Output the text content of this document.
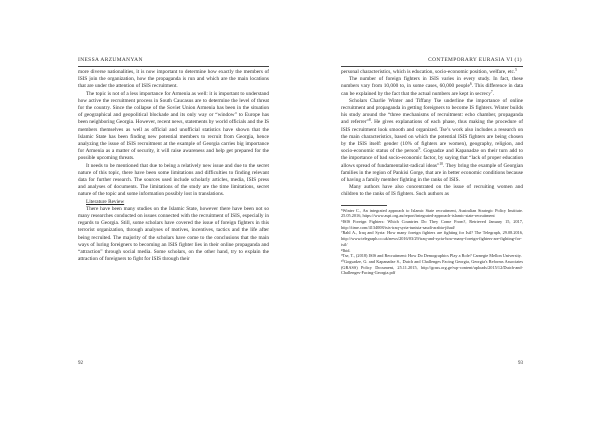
INESSA ARZUMANYAN

more diverse nationalities, it is now important to determine how exactly the members of ISIS join the organization, how the propaganda is run and which are the main locations that are under the attention of ISIS recruitment.

The topic is not of a less importance for Armenia as well: it is important to understand how active the recruitment process in South Caucasus are to determine the level of threat for the country. Since the collapse of the Soviet Union Armenia has been in the situation of geographical and geopolitical blockade and its only way or “window” to Europe has been neighboring Georgia. However, recent news, statements by world officials and the IS members themselves as well as official and unofficial statistics have shown that the Islamic State has been finding new potential members to recruit from Georgia, hence analyzing the issue of ISIS recruitment at the example of Georgia carries big importance for Armenia as a matter of security, it will raise awareness and help get prepared for the possible upcoming threats.

It needs to be mentioned that due to being a relatively new issue and due to the secret nature of this topic, there have been some limitations and difficulties to finding relevant data for further research. The sources used include scholarly articles, media, ISIS press and analyses of documents. The limitations of the study are the time limitations, secret nature of the topic and some information possibly lost in translations.

Literature Review

There have been many studies on the Islamic State, however there have been not so many researches conducted on issues connected with the recruitment of ISIS, especially in regards to Georgia. Still, some scholars have covered the issue of foreign fighters in this terrorist organization, through analyses of motives, incentives, tactics and the life after being recruited. The majority of the scholars have come to the conclusions that the main ways of luring foreigners to becoming an ISIS fighter lies in their online propaganda and “attraction” through social media. Some scholars, on the other hand, try to explain the attraction of foreigners to fight for ISIS through their

92
CONTEMPORARY EURASIA VI (1)

personal characteristics, which is education, socio-economic position, welfare, etc.$^5$

The number of foreign fighters in ISIS varies in every study. In fact, these numbers vary from 10,000 to, in some cases, 60,000 people$^6$. This difference in data can be explained by the fact that the actual numbers are kept in secrecy$^7$.

Scholars Charlie Winter and Tiffany Tse underline the importance of online recruitment and propaganda in getting foreigners to become IS fighters. Winter builds his study around the “three mechanisms of recruitment: echo chamber, propaganda and referrer”$^8$. He gives explanations of each phase, thus making the procedure of ISIS recruitment look smooth and organized. Tse’s work also includes a research on the main characteristics, based on which the potential ISIS fighters are being chosen by the ISIS itself: gender (10% of fighters are women), geography, religion, and socio-economic status of the person$^9$. Gogsadze and Kapanadze on their turn add to the importance of bad socio-economic factor, by saying that “lack of proper education allows spread of fundamentalist-radical ideas”$^{10}$. They bring the example of Georgian families in the region of Pankisi Gorge, that are in better economic conditions because of having a family member fighting in the ranks of ISIS.

Many authors have also concentrated on the issue of recruiting women and children to the ranks of IS fighters. Such authors as

⁵Winter C., An integrated approach to Islamic State recruitment, Australian Strategic Policy Institute. 25.05.2016, https://www.aspi.org.au/report/integrated-approach-islamic-state-recruitment

⁶ISIS Foreign Fighters: Which Countries Do They Come From?, Retrieved January 15, 2017, http://time.com/4134008/isis-iraq-syria-tunisia-saudi-arabia-jihad/

⁷Rahl A., Iraq and Syria: How many foreign fighters are fighting for Isil? The Telegraph, 29.08.2016, http://www.telegraph.co.uk/news/2016/03/29/iraq-and-syria-how-many-foreign-fighters-are-fighting-for-isil/

⁸Ibid.

⁹Tse, T., (2018) ISIS and Recruitment: How Do Demographics Play a Role? Carnegie Mellon University.

¹⁰Gogsadze, G. and Kapanadze S., Dutch and Challenges Facing Georgia, Georgia's Reforms Associates (GRASS) Policy Document, 25.11.2015, http://grass.org.ge/wp-content/uploads/2015/12/Dutch-and-Challenges-Facing-Georgia.pdf

93
